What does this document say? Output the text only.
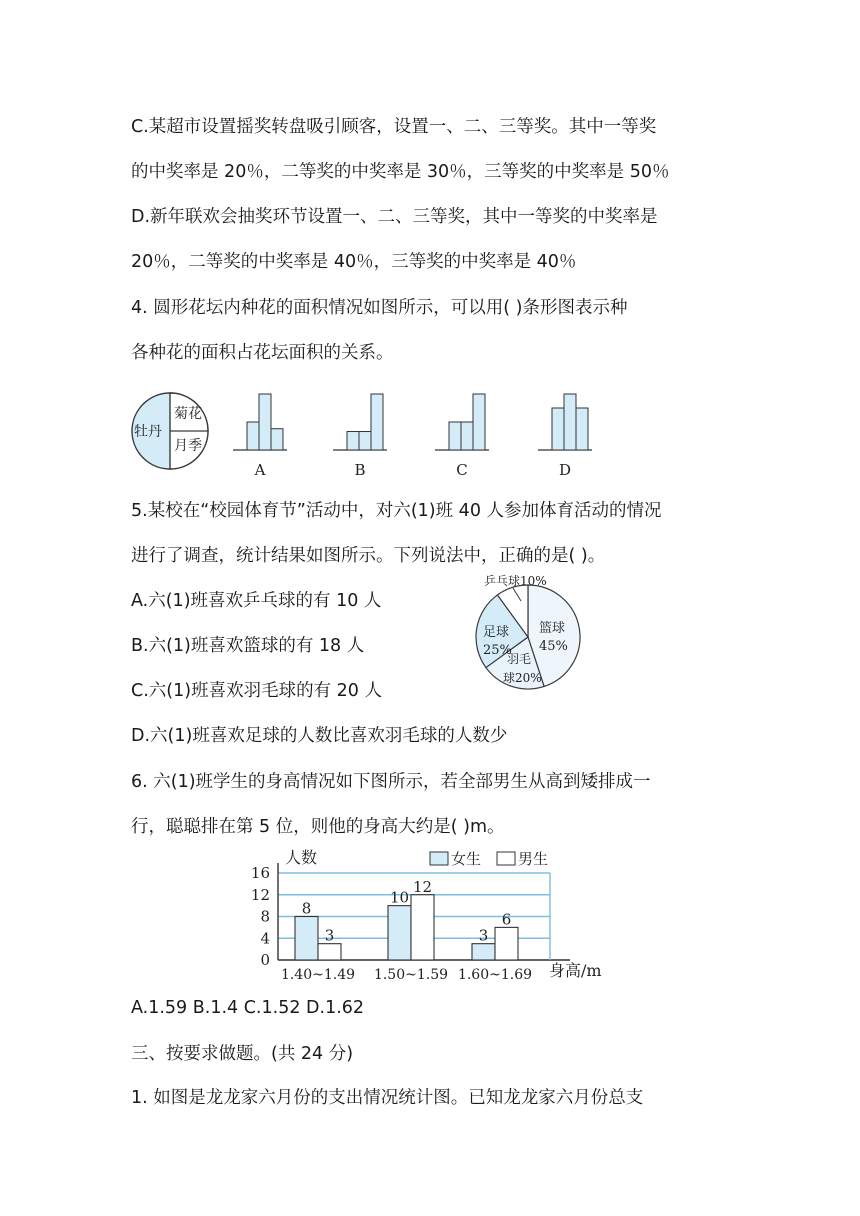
C.某超市设置摇奖转盘吸引顾客，设置一、二、三等奖。其中一等奖
的中奖率是 20％，二等奖的中奖率是 30％，三等奖的中奖率是 50％
D.新年联欢会抽奖环节设置一、二、三等奖，其中一等奖的中奖率是
20％，二等奖的中奖率是 40％，三等奖的中奖率是 40％
4. 圆形花坛内种花的面积情况如图所示，可以用( )条形图表示种
各种花的面积占花坛面积的关系。
牡丹
菊花
月季
A	B	C	D
5.某校在“校园体育节”活动中，对六(1)班 40 人参加体育活动的情况
进行了调查，统计结果如图所示。下列说法中，正确的是( )。
A.六(1)班喜欢乒乓球的有 10 人
B.六(1)班喜欢篮球的有 18 人
C.六(1)班喜欢羽毛球的有 20 人
D.六(1)班喜欢足球的人数比喜欢羽毛球的人数少
乒乓球10%
足球
25%
篮球
45%
羽毛
球20%
6. 六(1)班学生的身高情况如下图所示，若全部男生从高到矮排成一
行，聪聪排在第 5 位，则他的身高大约是( )m。
人数
身高/m
女生 男生
0
4
8
12
16
8
3
1.40~1.49
10
12
1.50~1.59
3
6
1.60~1.69
A.1.59 B.1.4 C.1.52 D.1.62
三、按要求做题。(共 24 分)
1. 如图是龙龙家六月份的支出情况统计图。已知龙龙家六月份总支
